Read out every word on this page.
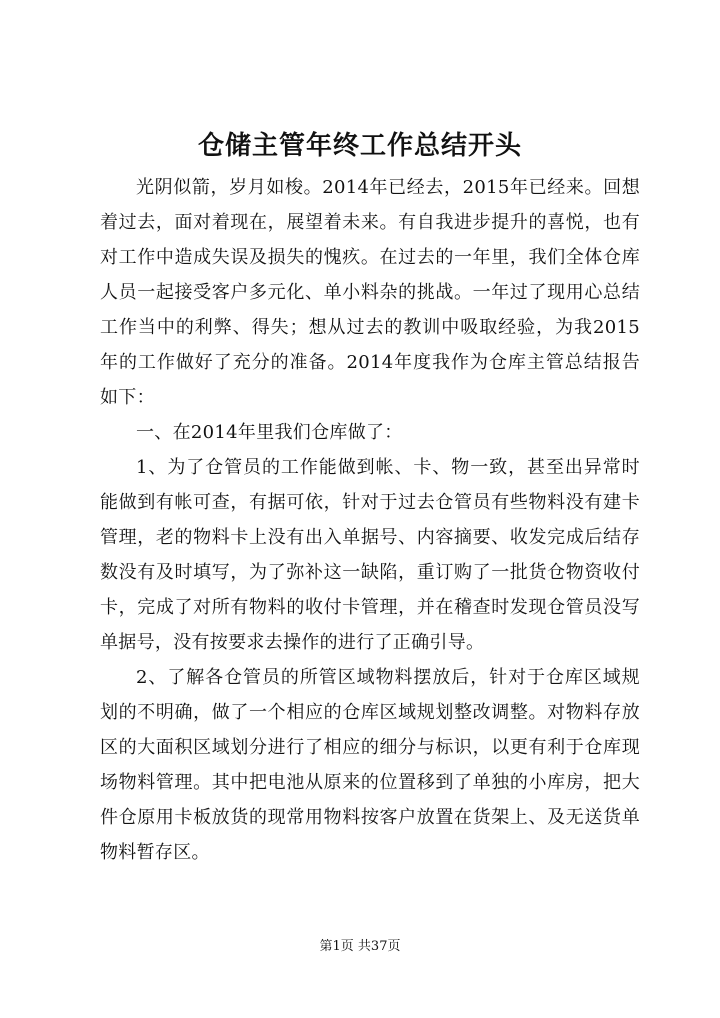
仓储主管年终工作总结开头

光阴似箭，岁月如梭。2014年已经去，2015年已经来。回想着过去，面对着现在，展望着未来。有自我进步提升的喜悦，也有对工作中造成失误及损失的愧疚。在过去的一年里，我们全体仓库人员一起接受客户多元化、单小料杂的挑战。一年过了现用心总结工作当中的利弊、得失；想从过去的教训中吸取经验，为我2015年的工作做好了充分的准备。2014年度我作为仓库主管总结报告如下：

一、在2014年里我们仓库做了：

1、为了仓管员的工作能做到帐、卡、物一致，甚至出异常时能做到有帐可查，有据可依，针对于过去仓管员有些物料没有建卡管理，老的物料卡上没有出入单据号、内容摘要、收发完成后结存数没有及时填写，为了弥补这一缺陷，重订购了一批货仓物资收付卡，完成了对所有物料的收付卡管理，并在稽查时发现仓管员没写单据号，没有按要求去操作的进行了正确引导。

2、了解各仓管员的所管区域物料摆放后，针对于仓库区域规划的不明确，做了一个相应的仓库区域规划整改调整。对物料存放区的大面积区域划分进行了相应的细分与标识，以更有利于仓库现场物料管理。其中把电池从原来的位置移到了单独的小库房，把大件仓原用卡板放货的现常用物料按客户放置在货架上、及无送货单物料暂存区。

第1页 共37页
